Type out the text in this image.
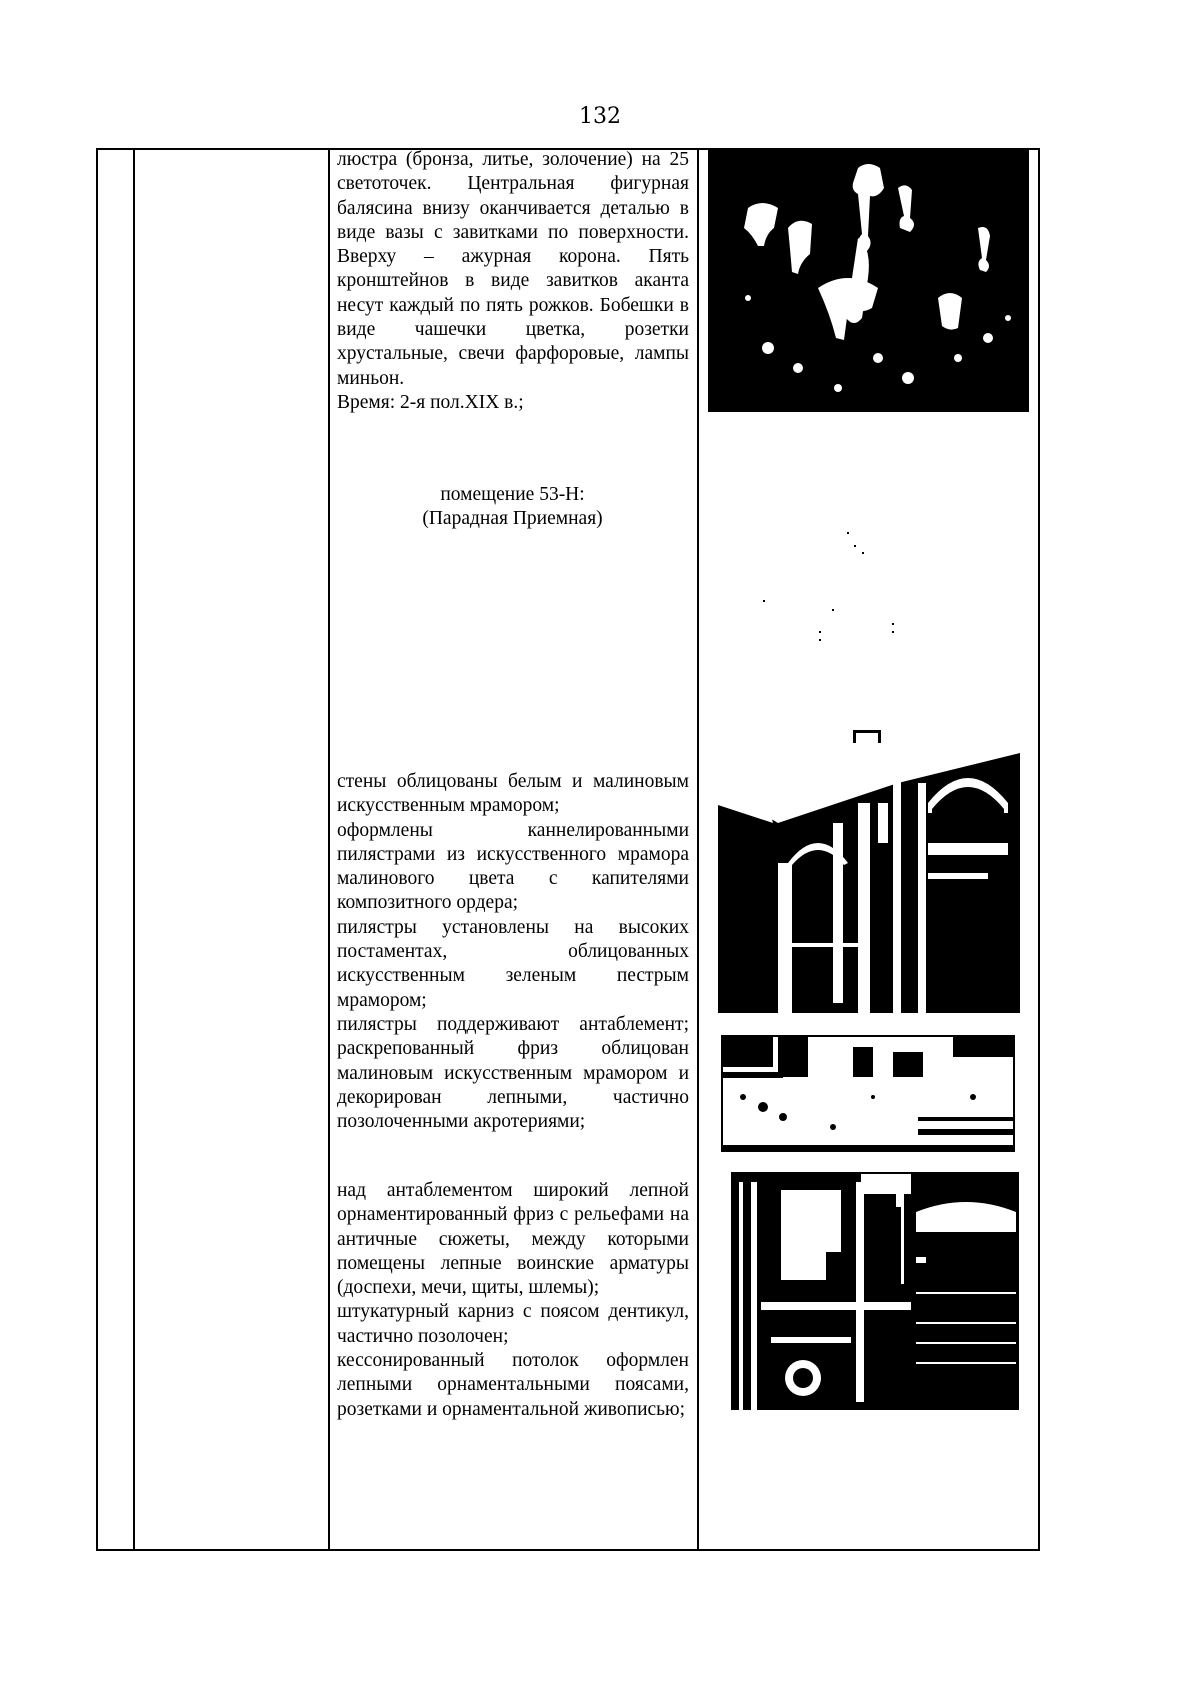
132

люстра (бронза, литье, золочение) на 25 светоточек. Центральная фигурная балясина внизу оканчивается деталью в виде вазы с завитками по поверхности. Вверху – ажурная корона. Пять кронштейнов в виде завитков аканта несут каждый по пять рожков. Бобешки в виде чашечки цветка, розетки хрустальные, свечи фарфоровые, лампы миньон.

Время: 2-я пол.XIX в.;

помещение 53-Н:
(Парадная Приемная)

стены облицованы белым и малиновым искусственным мрамором;

оформлены каннелированными пилястрами из искусственного мрамора малинового цвета с капителями композитного ордера;

пилястры установлены на высоких постаментах, облицованных искусственным зеленым пестрым мрамором;

пилястры поддерживают антаблемент; раскрепованный фриз облицован малиновым искусственным мрамором и декорирован лепными, частично позолоченными акротериями;

над антаблементом широкий лепной орнаментированный фриз с рельефами на античные сюжеты, между которыми помещены лепные воинские арматуры (доспехи, мечи, щиты, шлемы);

штукатурный карниз с поясом дентикул, частично позолочен;

кессонированный потолок оформлен лепными орнаментальными поясами, розетками и орнаментальной живописью;
